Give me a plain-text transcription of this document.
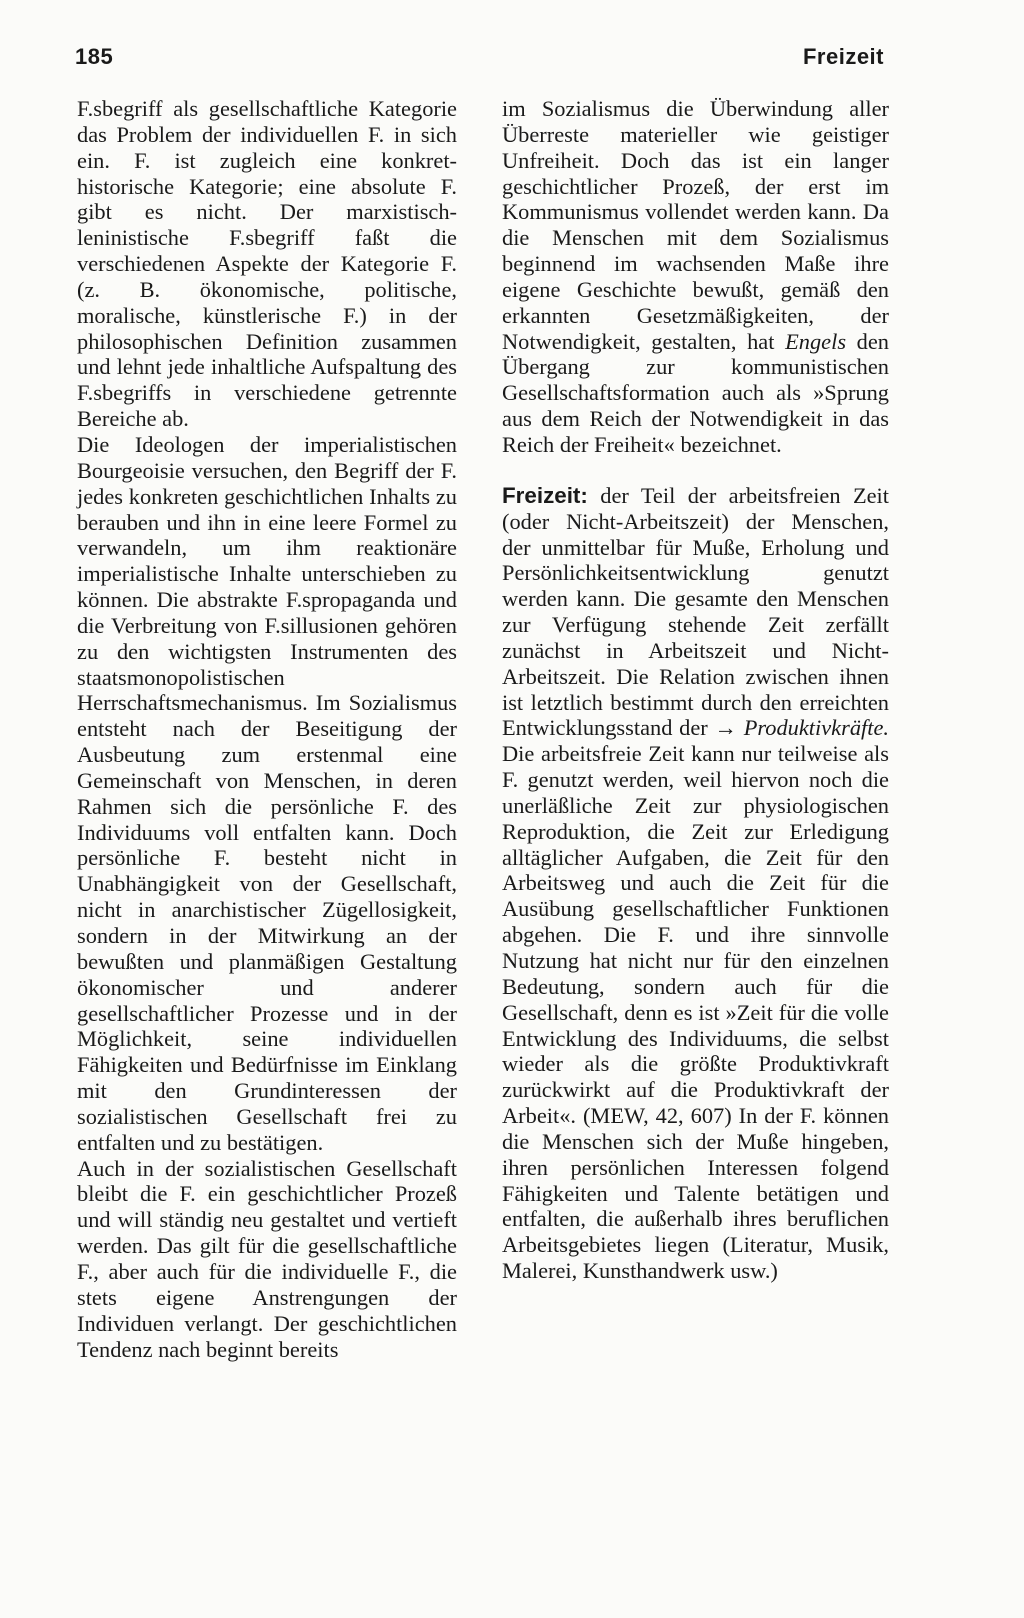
185	Freizeit

F.sbegriff als gesellschaftliche Kategorie das Problem der individuellen F. in sich ein. F. ist zugleich eine konkret-historische Kategorie; eine absolute F. gibt es nicht. Der marxistisch-leninistische F.sbegriff faßt die verschiedenen Aspekte der Kategorie F. (z. B. ökonomische, politische, moralische, künstlerische F.) in der philosophischen Definition zusammen und lehnt jede inhaltliche Aufspaltung des F.sbegriffs in verschiedene getrennte Bereiche ab.

Die Ideologen der imperialistischen Bourgeoisie versuchen, den Begriff der F. jedes konkreten geschichtlichen Inhalts zu berauben und ihn in eine leere Formel zu verwandeln, um ihm reaktionäre imperialistische Inhalte unterschieben zu können. Die abstrakte F.spropaganda und die Verbreitung von F.sillusionen gehören zu den wichtigsten Instrumenten des staatsmonopolistischen Herrschaftsmechanismus. Im Sozialismus entsteht nach der Beseitigung der Ausbeutung zum erstenmal eine Gemeinschaft von Menschen, in deren Rahmen sich die persönliche F. des Individuums voll entfalten kann. Doch persönliche F. besteht nicht in Unabhängigkeit von der Gesellschaft, nicht in anarchistischer Zügellosigkeit, sondern in der Mitwirkung an der bewußten und planmäßigen Gestaltung ökonomischer und anderer gesellschaftlicher Prozesse und in der Möglichkeit, seine individuellen Fähigkeiten und Bedürfnisse im Einklang mit den Grundinteressen der sozialistischen Gesellschaft frei zu entfalten und zu bestätigen.

Auch in der sozialistischen Gesellschaft bleibt die F. ein geschichtlicher Prozeß und will ständig neu gestaltet und vertieft werden. Das gilt für die gesellschaftliche F., aber auch für die individuelle F., die stets eigene Anstrengungen der Individuen verlangt. Der geschichtlichen Tendenz nach beginnt bereits

im Sozialismus die Überwindung aller Überreste materieller wie geistiger Unfreiheit. Doch das ist ein langer geschichtlicher Prozeß, der erst im Kommunismus vollendet werden kann. Da die Menschen mit dem Sozialismus beginnend im wachsenden Maße ihre eigene Geschichte bewußt, gemäß den erkannten Gesetzmäßigkeiten, der Notwendigkeit, gestalten, hat Engels den Übergang zur kommunistischen Gesellschaftsformation auch als »Sprung aus dem Reich der Notwendigkeit in das Reich der Freiheit« bezeichnet.

Freizeit: der Teil der arbeitsfreien Zeit (oder Nicht-Arbeitszeit) der Menschen, der unmittelbar für Muße, Erholung und Persönlichkeitsentwicklung genutzt werden kann. Die gesamte den Menschen zur Verfügung stehende Zeit zerfällt zunächst in Arbeitszeit und Nicht-Arbeitszeit. Die Relation zwischen ihnen ist letztlich bestimmt durch den erreichten Entwicklungsstand der → Produktivkräfte. Die arbeitsfreie Zeit kann nur teilweise als F. genutzt werden, weil hiervon noch die unerläßliche Zeit zur physiologischen Reproduktion, die Zeit zur Erledigung alltäglicher Aufgaben, die Zeit für den Arbeitsweg und auch die Zeit für die Ausübung gesellschaftlicher Funktionen abgehen. Die F. und ihre sinnvolle Nutzung hat nicht nur für den einzelnen Bedeutung, sondern auch für die Gesellschaft, denn es ist »Zeit für die volle Entwicklung des Individuums, die selbst wieder als die größte Produktivkraft zurückwirkt auf die Produktivkraft der Arbeit«. (MEW, 42, 607) In der F. können die Menschen sich der Muße hingeben, ihren persönlichen Interessen folgend Fähigkeiten und Talente betätigen und entfalten, die außerhalb ihres beruflichen Arbeitsgebietes liegen (Literatur, Musik, Malerei, Kunsthandwerk usw.)
